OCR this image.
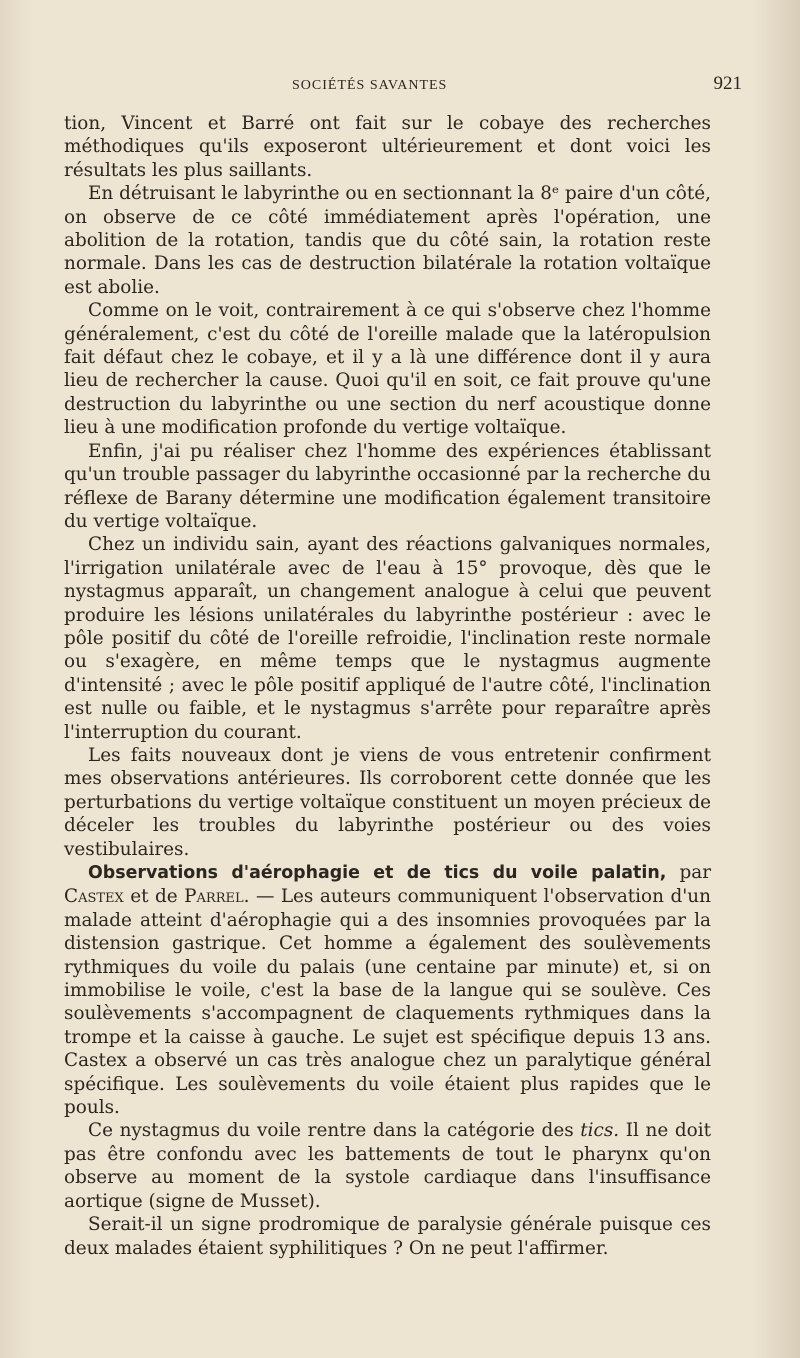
SOCIÉTÉS SAVANTES	921

tion, Vincent et Barré ont fait sur le cobaye des recherches méthodiques qu'ils exposeront ultérieurement et dont voici les résultats les plus saillants.

En détruisant le labyrinthe ou en sectionnant la 8ᵉ paire d'un côté, on observe de ce côté immédiatement après l'opération, une abolition de la rotation, tandis que du côté sain, la rotation reste normale. Dans les cas de destruction bilatérale la rotation voltaïque est abolie.

Comme on le voit, contrairement à ce qui s'observe chez l'homme généralement, c'est du côté de l'oreille malade que la latéropulsion fait défaut chez le cobaye, et il y a là une différence dont il y aura lieu de rechercher la cause. Quoi qu'il en soit, ce fait prouve qu'une destruction du labyrinthe ou une section du nerf acoustique donne lieu à une modification profonde du vertige voltaïque.

Enfin, j'ai pu réaliser chez l'homme des expériences établissant qu'un trouble passager du labyrinthe occasionné par la recherche du réflexe de Barany détermine une modification également transitoire du vertige voltaïque.

Chez un individu sain, ayant des réactions galvaniques normales, l'irrigation unilatérale avec de l'eau à 15° provoque, dès que le nystagmus apparaît, un changement analogue à celui que peuvent produire les lésions unilatérales du labyrinthe postérieur : avec le pôle positif du côté de l'oreille refroidie, l'inclination reste normale ou s'exagère, en même temps que le nystagmus augmente d'intensité ; avec le pôle positif appliqué de l'autre côté, l'inclination est nulle ou faible, et le nystagmus s'arrête pour reparaître après l'interruption du courant.

Les faits nouveaux dont je viens de vous entretenir confirment mes observations antérieures. Ils corroborent cette donnée que les perturbations du vertige voltaïque constituent un moyen précieux de déceler les troubles du labyrinthe postérieur ou des voies vestibulaires.

Observations d'aérophagie et de tics du voile palatin, par Castex et de Parrel. — Les auteurs communiquent l'observation d'un malade atteint d'aérophagie qui a des insomnies provoquées par la distension gastrique. Cet homme a également des soulèvements rythmiques du voile du palais (une centaine par minute) et, si on immobilise le voile, c'est la base de la langue qui se soulève. Ces soulèvements s'accompagnent de claquements rythmiques dans la trompe et la caisse à gauche. Le sujet est spécifique depuis 13 ans. Castex a observé un cas très analogue chez un paralytique général spécifique. Les soulèvements du voile étaient plus rapides que le pouls.

Ce nystagmus du voile rentre dans la catégorie des tics. Il ne doit pas être confondu avec les battements de tout le pharynx qu'on observe au moment de la systole cardiaque dans l'insuffisance aortique (signe de Musset).

Serait-il un signe prodromique de paralysie générale puisque ces deux malades étaient syphilitiques ? On ne peut l'affirmer.
